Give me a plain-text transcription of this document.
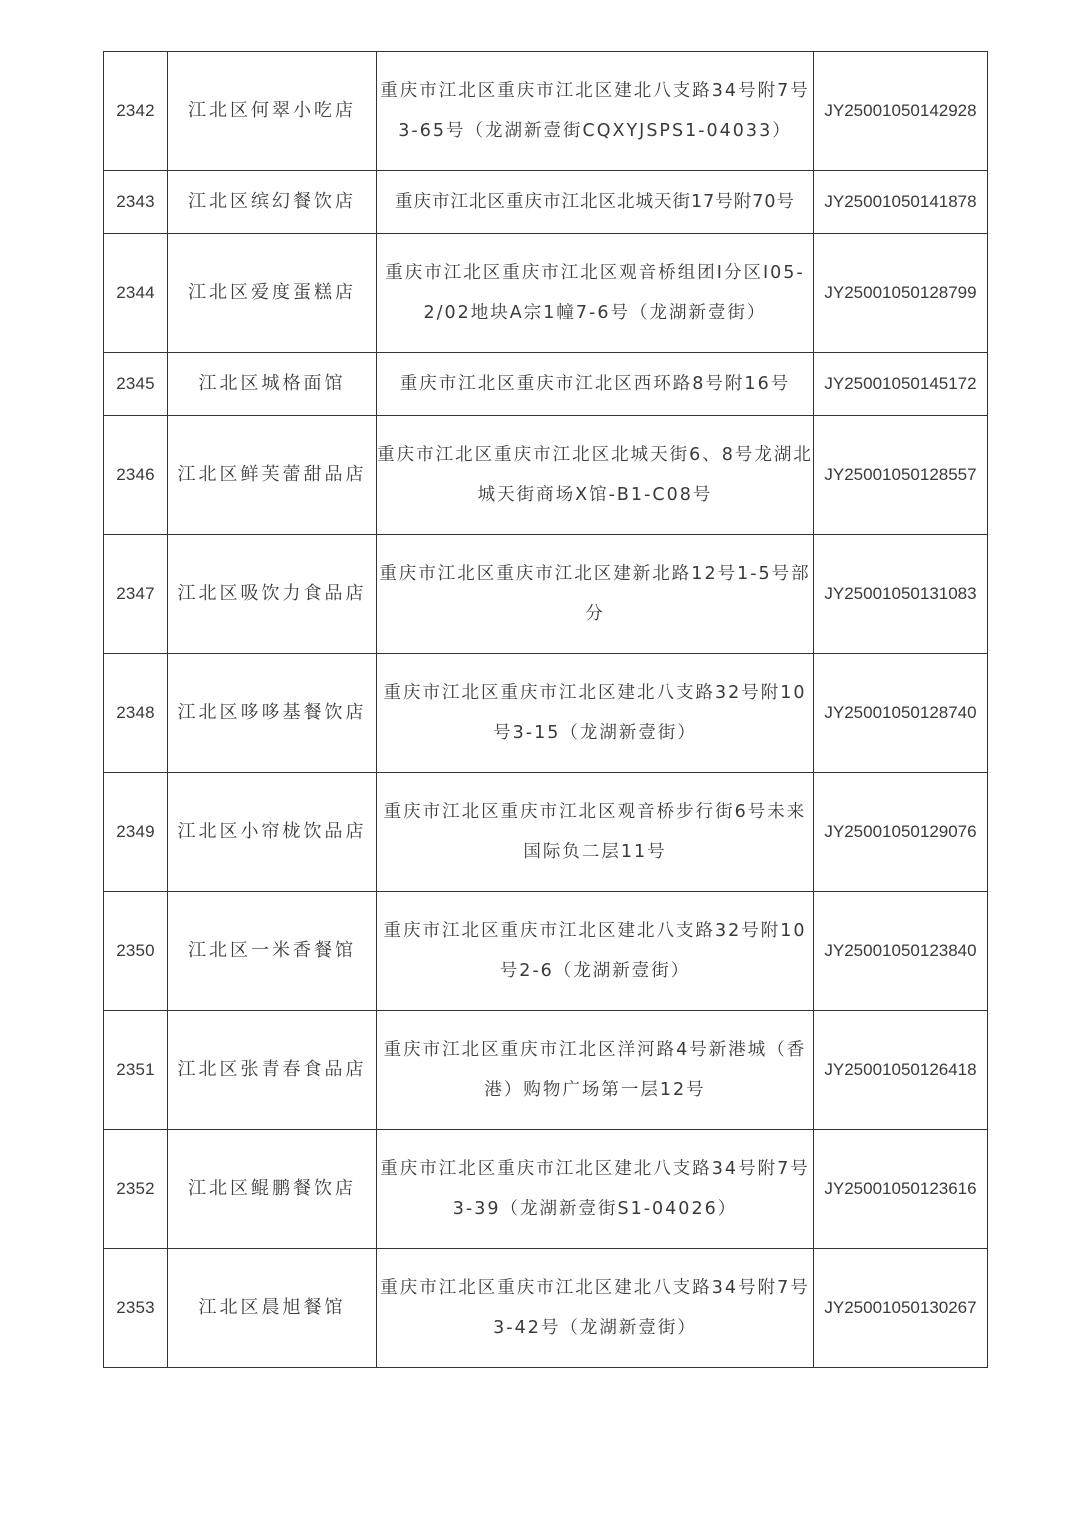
2342	江北区何翠小吃店	重庆市江北区重庆市江北区建北八支路34号附7号3-65号（龙湖新壹街CQXYJSPS1-04033）	JY25001050142928
2343	江北区缤幻餐饮店	重庆市江北区重庆市江北区北城天街17号附70号	JY25001050141878
2344	江北区爱度蛋糕店	重庆市江北区重庆市江北区观音桥组团Ⅰ分区Ⅰ05-2/02地块A宗1幢7-6号（龙湖新壹街）	JY25001050128799
2345	江北区城格面馆	重庆市江北区重庆市江北区西环路8号附16号	JY25001050145172
2346	江北区鲜芙蕾甜品店	重庆市江北区重庆市江北区北城天街6、8号龙湖北城天街商场X馆-B1-C08号	JY25001050128557
2347	江北区吸饮力食品店	重庆市江北区重庆市江北区建新北路12号1-5号部分	JY25001050131083
2348	江北区哆哆基餐饮店	重庆市江北区重庆市江北区建北八支路32号附10号3-15（龙湖新壹街）	JY25001050128740
2349	江北区小帘栊饮品店	重庆市江北区重庆市江北区观音桥步行街6号未来国际负二层11号	JY25001050129076
2350	江北区一米香餐馆	重庆市江北区重庆市江北区建北八支路32号附10号2-6（龙湖新壹街）	JY25001050123840
2351	江北区张青春食品店	重庆市江北区重庆市江北区洋河路4号新港城（香港）购物广场第一层12号	JY25001050126418
2352	江北区鲲鹏餐饮店	重庆市江北区重庆市江北区建北八支路34号附7号3-39（龙湖新壹街S1-04026）	JY25001050123616
2353	江北区晨旭餐馆	重庆市江北区重庆市江北区建北八支路34号附7号3-42号（龙湖新壹街）	JY25001050130267
